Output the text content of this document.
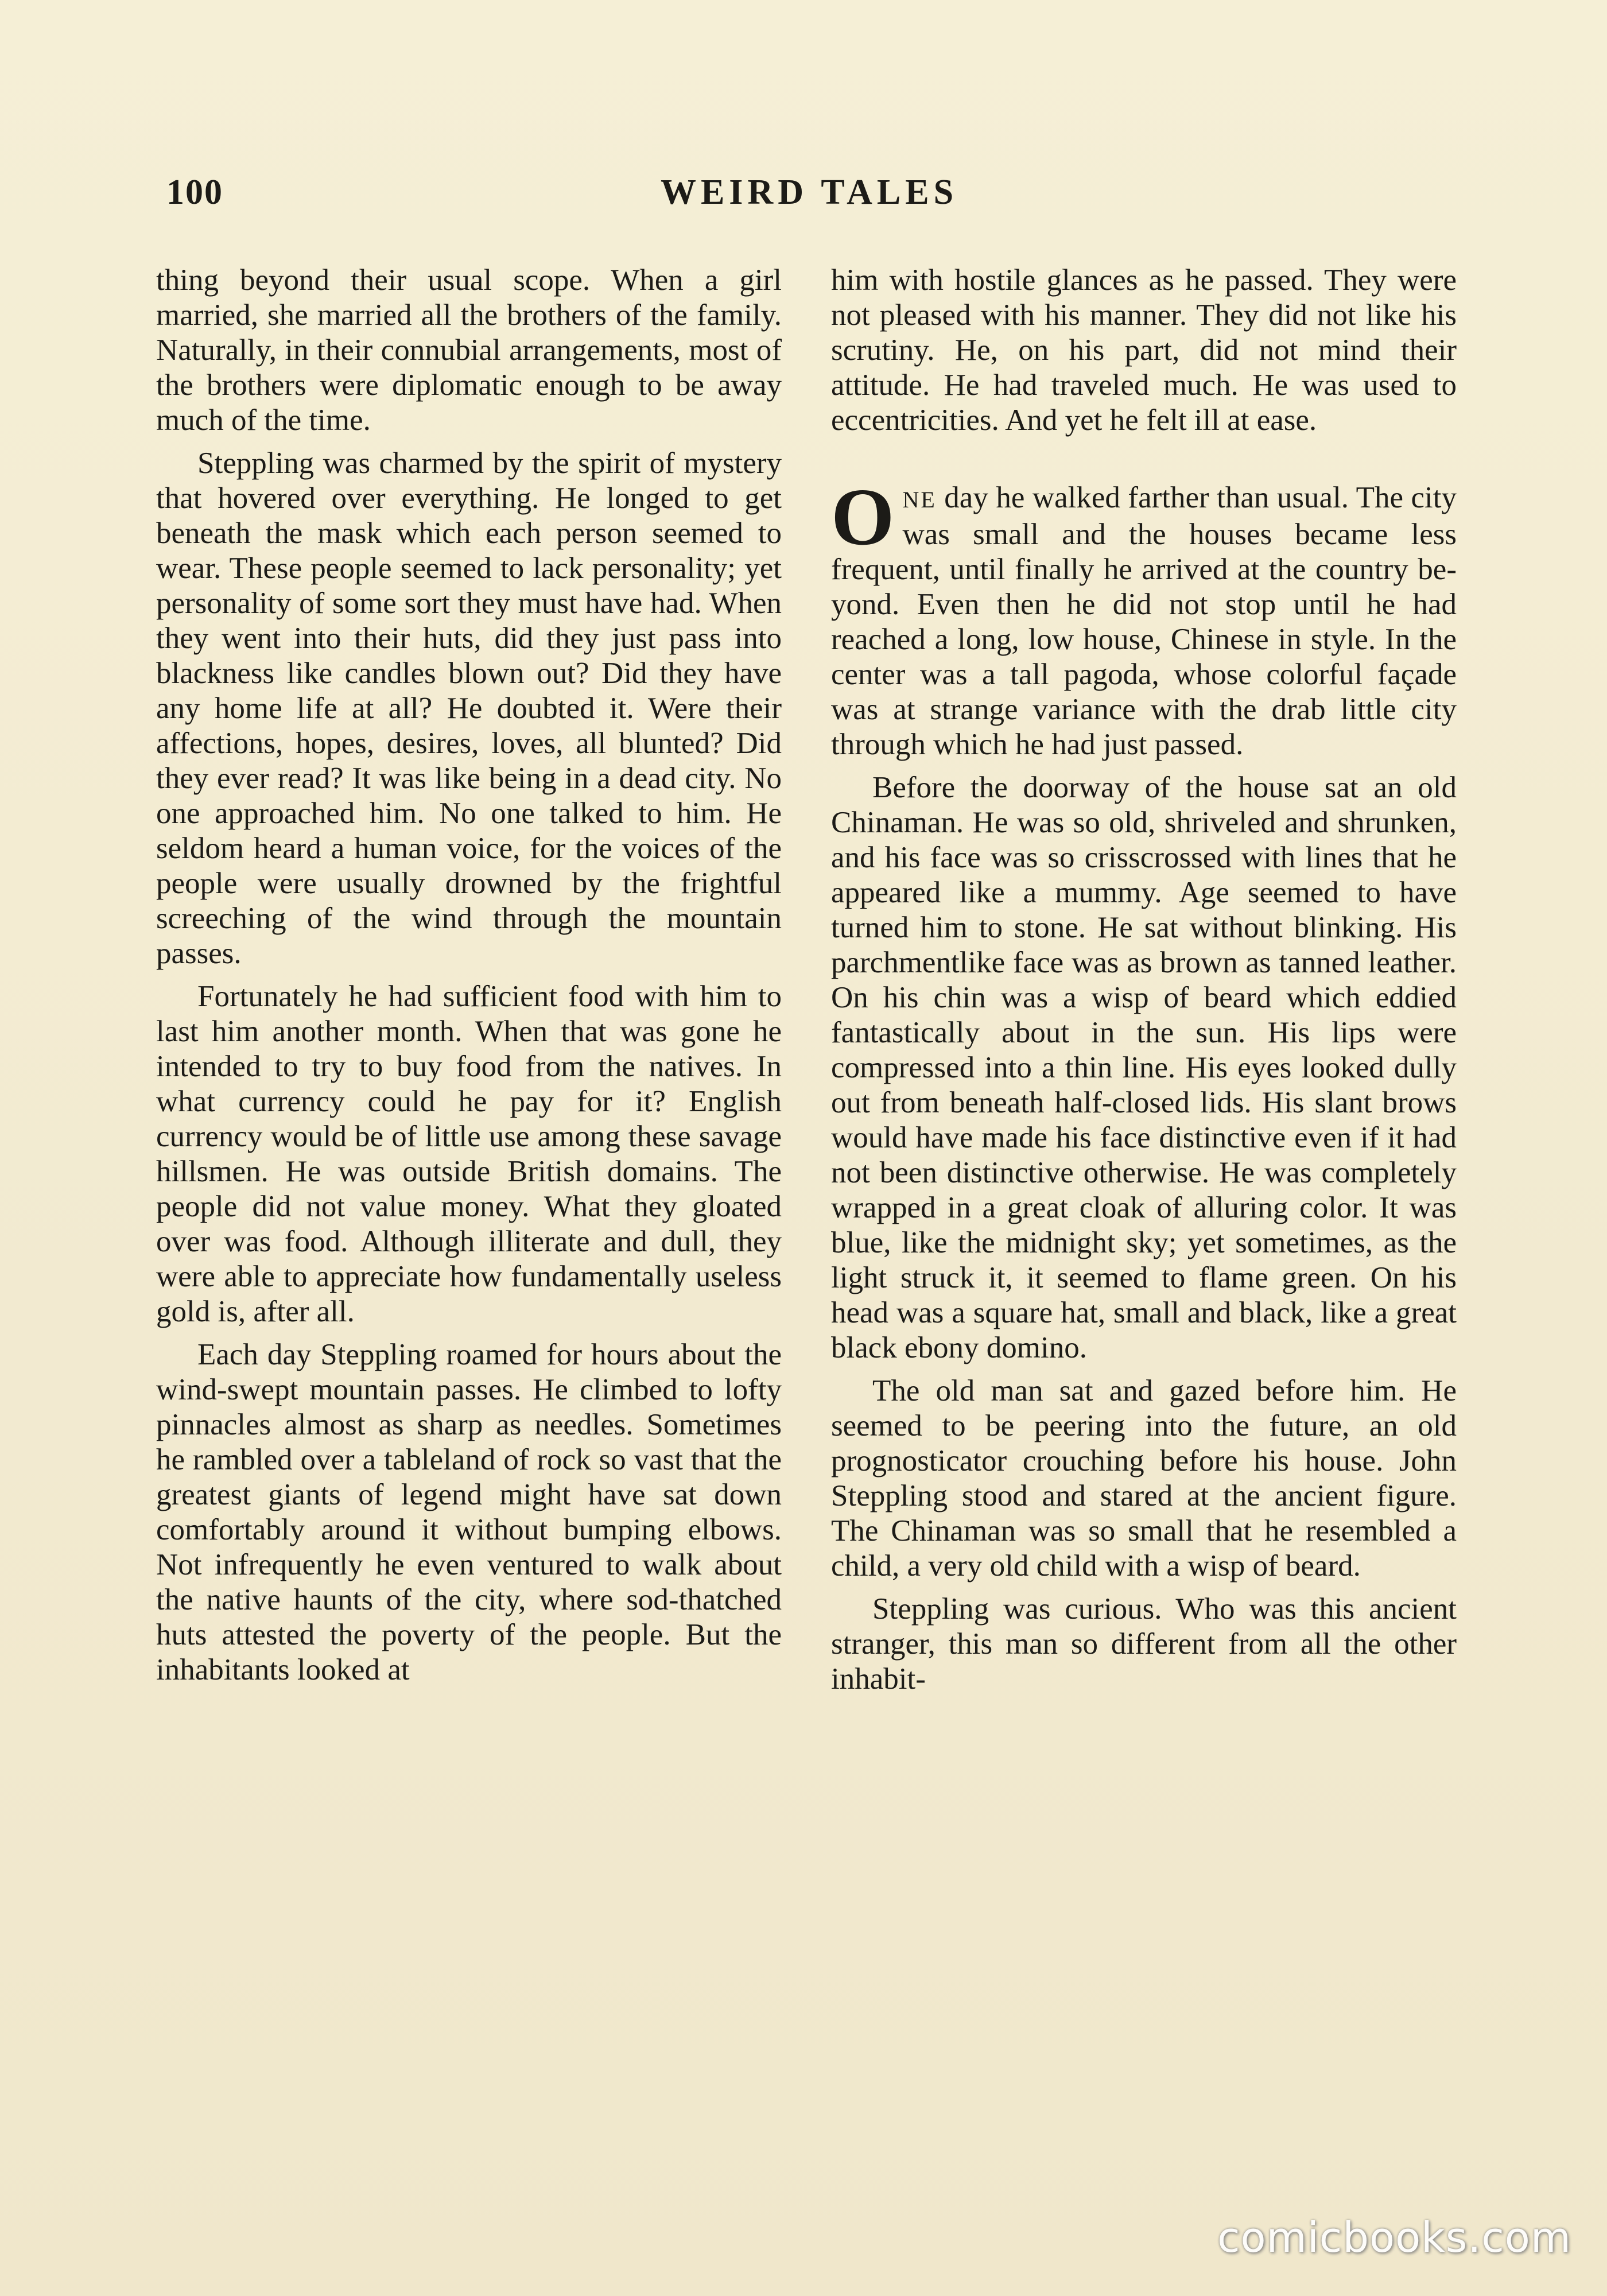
100	WEIRD TALES

thing beyond their usual scope. When a girl married, she married all the brothers of the family. Naturally, in their connubial arrangements, most of the brothers were diplomatic enough to be away much of the time.

Steppling was charmed by the spirit of mystery that hovered over everything. He longed to get beneath the mask which each person seemed to wear. These people seemed to lack personality; yet personality of some sort they must have had. When they went into their huts, did they just pass into blackness like candles blown out? Did they have any home life at all? He doubted it. Were their affections, hopes, desires, loves, all blunted? Did they ever read? It was like being in a dead city. No one approached him. No one talked to him. He seldom heard a human voice, for the voices of the people were usually drowned by the frightful screeching of the wind through the mountain passes.

Fortunately he had sufficient food with him to last him another month. When that was gone he intended to try to buy food from the natives. In what currency could he pay for it? English currency would be of little use among these savage hillsmen. He was outside British domains. The people did not value money. What they gloated over was food. Although illiterate and dull, they were able to appreciate how fundamentally useless gold is, after all.

Each day Steppling roamed for hours about the wind-swept mountain passes. He climbed to lofty pinnacles almost as sharp as needles. Sometimes he rambled over a tableland of rock so vast that the greatest giants of legend might have sat down comfortably around it without bumping elbows. Not infrequently he even ventured to walk about the native haunts of the city, where sod-thatched huts attested the poverty of the people. But the inhabitants looked at

him with hostile glances as he passed. They were not pleased with his manner. They did not like his scrutiny. He, on his part, did not mind their attitude. He had traveled much. He was used to eccentricities. And yet he felt ill at ease.

ONE day he walked farther than usual. The city was small and the houses became less frequent, until finally he arrived at the country beyond. Even then he did not stop until he had reached a long, low house, Chinese in style. In the center was a tall pagoda, whose colorful façade was at strange variance with the drab little city through which he had just passed.

Before the doorway of the house sat an old Chinaman. He was so old, shriveled and shrunken, and his face was so crisscrossed with lines that he appeared like a mummy. Age seemed to have turned him to stone. He sat without blinking. His parchmentlike face was as brown as tanned leather. On his chin was a wisp of beard which eddied fantastically about in the sun. His lips were compressed into a thin line. His eyes looked dully out from beneath half-closed lids. His slant brows would have made his face distinctive even if it had not been distinctive otherwise. He was completely wrapped in a great cloak of alluring color. It was blue, like the midnight sky; yet sometimes, as the light struck it, it seemed to flame green. On his head was a square hat, small and black, like a great black ebony domino.

The old man sat and gazed before him. He seemed to be peering into the future, an old prognosticator crouching before his house. John Steppling stood and stared at the ancient figure. The Chinaman was so small that he resembled a child, a very old child with a wisp of beard.

Steppling was curious. Who was this ancient stranger, this man so different from all the other inhabit-

comicbooks.com
